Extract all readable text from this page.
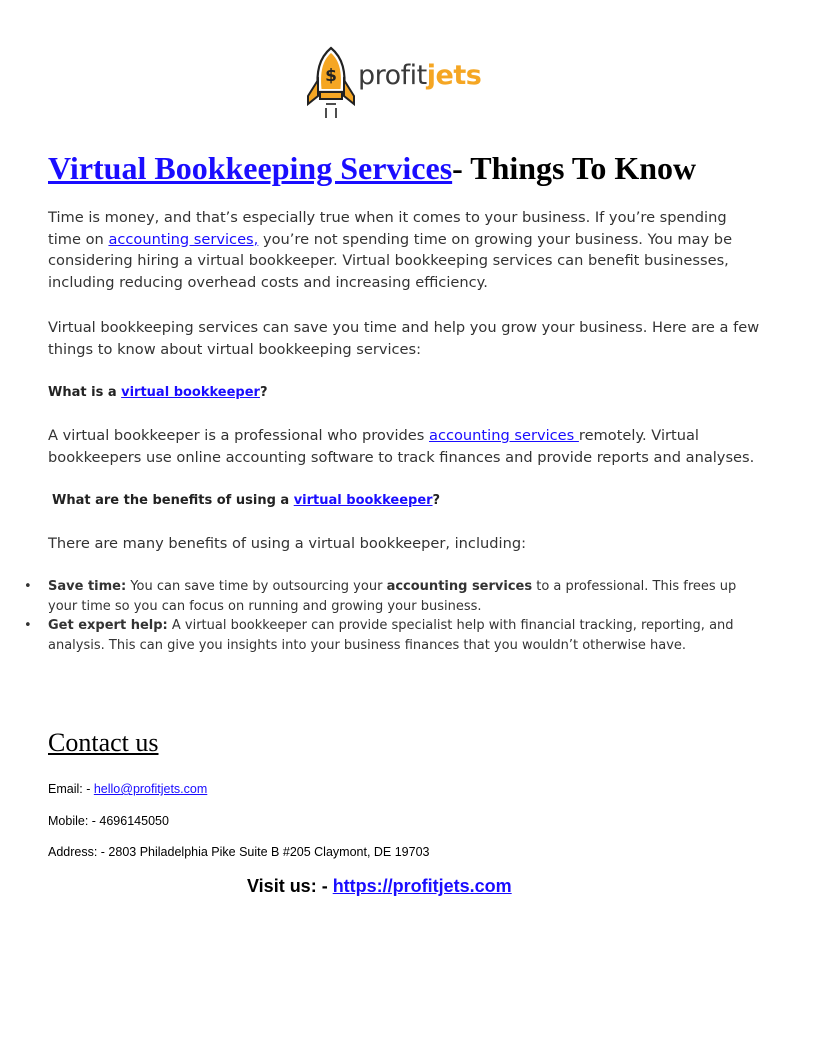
$ profitjets
Virtual Bookkeeping Services- Things To Know

Time is money, and that’s especially true when it comes to your business. If you’re spending time on accounting services, you’re not spending time on growing your business. You may be considering hiring a virtual bookkeeper. Virtual bookkeeping services can benefit businesses, including reducing overhead costs and increasing efficiency.

Virtual bookkeeping services can save you time and help you grow your business. Here are a few things to know about virtual bookkeeping services:

What is a virtual bookkeeper?

A virtual bookkeeper is a professional who provides accounting services remotely. Virtual bookkeepers use online accounting software to track finances and provide reports and analyses.

What are the benefits of using a virtual bookkeeper?

There are many benefits of using a virtual bookkeeper, including:

• Save time: You can save time by outsourcing your accounting services to a professional. This frees up your time so you can focus on running and growing your business.
• Get expert help: A virtual bookkeeper can provide specialist help with financial tracking, reporting, and analysis. This can give you insights into your business finances that you wouldn’t otherwise have.
Contact us

Email: - hello@profitjets.com

Mobile: - 4696145050

Address: - 2803 Philadelphia Pike Suite B #205 Claymont, DE 19703

Visit us: - https://profitjets.com
